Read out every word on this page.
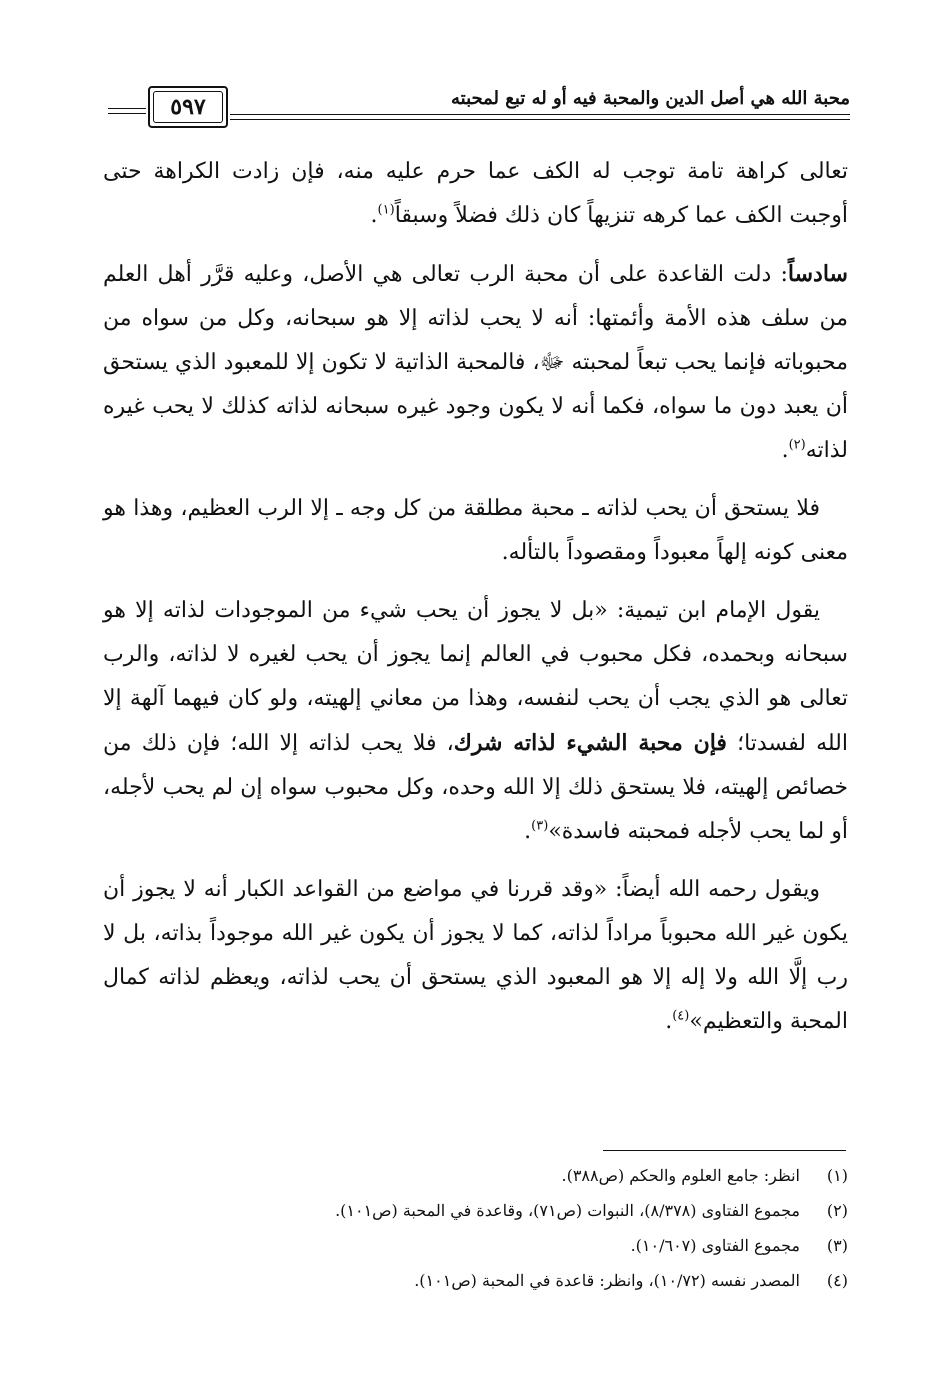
محبة الله هي أصل الدين والمحبة فيه أو له تبع لمحبته
٥٩٧

تعالى كراهة تامة توجب له الكف عما حرم عليه منه، فإن زادت الكراهة حتى أوجبت الكف عما كرهه تنزيهاً كان ذلك فضلاً وسبقاً$^{(١)}$.

سادساً: دلت القاعدة على أن محبة الرب تعالى هي الأصل، وعليه قرَّر أهل العلم من سلف هذه الأمة وأئمتها: أنه لا يحب لذاته إلا هو سبحانه، وكل من سواه من محبوباته فإنما يحب تبعاً لمحبته ﷻ، فالمحبة الذاتية لا تكون إلا للمعبود الذي يستحق أن يعبد دون ما سواه، فكما أنه لا يكون وجود غيره سبحانه لذاته كذلك لا يحب غيره لذاته$^{(٢)}$.

فلا يستحق أن يحب لذاته ـ محبة مطلقة من كل وجه ـ إلا الرب العظيم، وهذا هو معنى كونه إلهاً معبوداً ومقصوداً بالتأله.

يقول الإمام ابن تيمية: «بل لا يجوز أن يحب شيء من الموجودات لذاته إلا هو سبحانه وبحمده، فكل محبوب في العالم إنما يجوز أن يحب لغيره لا لذاته، والرب تعالى هو الذي يجب أن يحب لنفسه، وهذا من معاني إلهيته، ولو كان فيهما آلهة إلا الله لفسدتا؛ فإن محبة الشيء لذاته شرك، فلا يحب لذاته إلا الله؛ فإن ذلك من خصائص إلهيته، فلا يستحق ذلك إلا الله وحده، وكل محبوب سواه إن لم يحب لأجله، أو لما يحب لأجله فمحبته فاسدة»$^{(٣)}$.

ويقول رحمه الله أيضاً: «وقد قررنا في مواضع من القواعد الكبار أنه لا يجوز أن يكون غير الله محبوباً مراداً لذاته، كما لا يجوز أن يكون غير الله موجوداً بذاته، بل لا رب إلَّا الله ولا إله إلا هو المعبود الذي يستحق أن يحب لذاته، ويعظم لذاته كمال المحبة والتعظيم»$^{(٤)}$.

(١)
انظر: جامع العلوم والحكم (ص٣٨٨).
(٢)
مجموع الفتاوى (٨/٣٧٨)، النبوات (ص٧١)، وقاعدة في المحبة (ص١٠١).
(٣)
مجموع الفتاوى (١٠/٦٠٧).
(٤)
المصدر نفسه (١٠/٧٢)، وانظر: قاعدة في المحبة (ص١٠١).
